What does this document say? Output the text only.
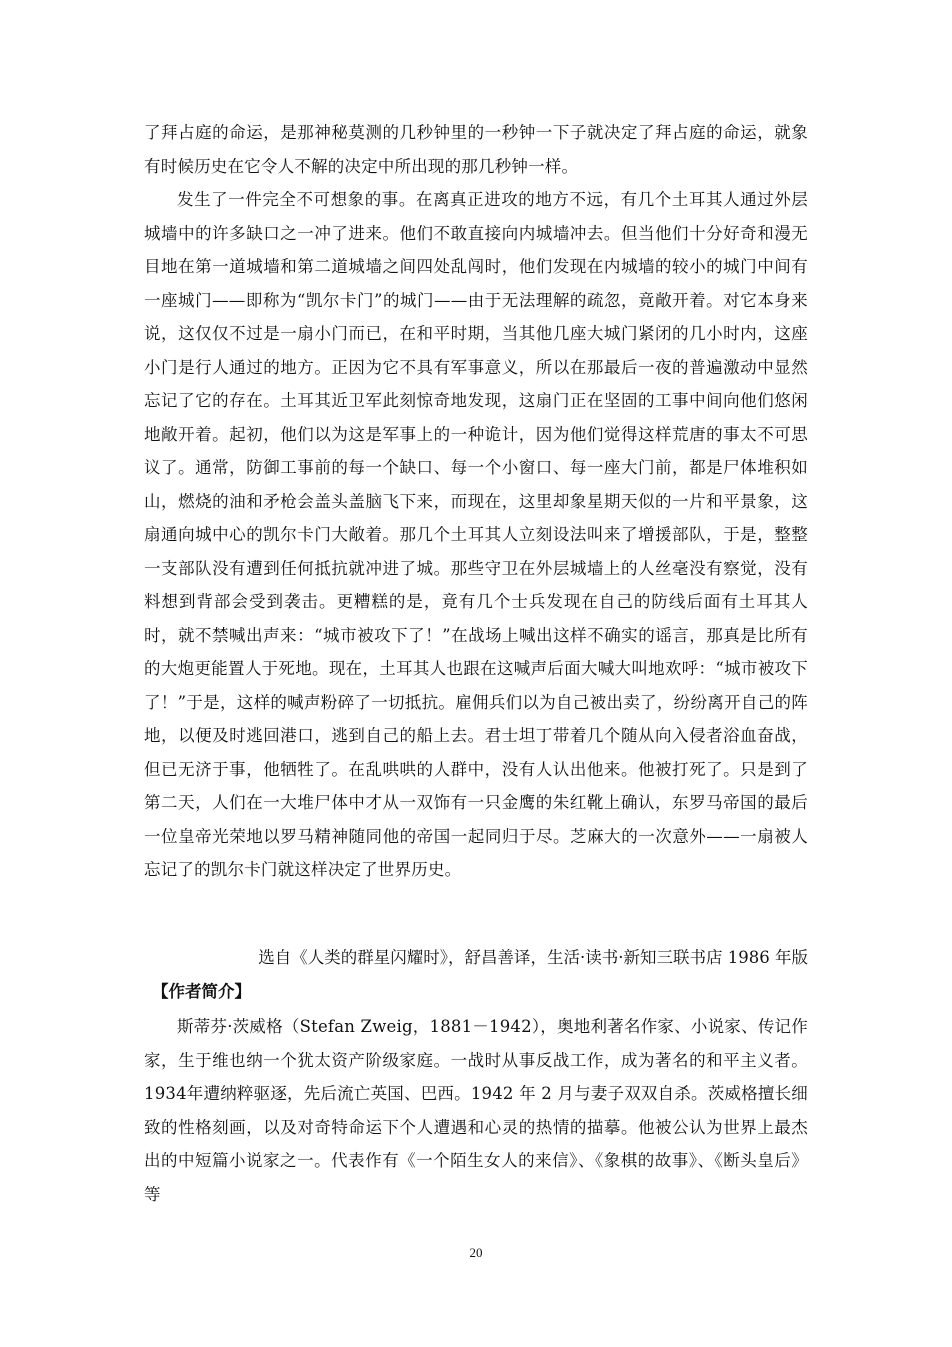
了拜占庭的命运，是那神秘莫测的几秒钟里的一秒钟一下子就决定了拜占庭的命运，就象有时候历史在它令人不解的决定中所出现的那几秒钟一样。

发生了一件完全不可想象的事。在离真正进攻的地方不远，有几个土耳其人通过外层城墙中的许多缺口之一冲了进来。他们不敢直接向内城墙冲去。但当他们十分好奇和漫无目地在第一道城墙和第二道城墙之间四处乱闯时，他们发现在内城墙的较小的城门中间有一座城门——即称为“凯尔卡门”的城门——由于无法理解的疏忽，竟敞开着。对它本身来说，这仅仅不过是一扇小门而已，在和平时期，当其他几座大城门紧闭的几小时内，这座小门是行人通过的地方。正因为它不具有军事意义，所以在那最后一夜的普遍激动中显然忘记了它的存在。土耳其近卫军此刻惊奇地发现，这扇门正在坚固的工事中间向他们悠闲地敞开着。起初，他们以为这是军事上的一种诡计，因为他们觉得这样荒唐的事太不可思议了。通常，防御工事前的每一个缺口、每一个小窗口、每一座大门前，都是尸体堆积如山，燃烧的油和矛枪会盖头盖脑飞下来，而现在，这里却象星期天似的一片和平景象，这扇通向城中心的凯尔卡门大敞着。那几个土耳其人立刻设法叫来了增援部队，于是，整整一支部队没有遭到任何抵抗就冲进了城。那些守卫在外层城墙上的人丝毫没有察觉，没有料想到背部会受到袭击。更糟糕的是，竟有几个士兵发现在自己的防线后面有土耳其人时，就不禁喊出声来：“城市被攻下了！”在战场上喊出这样不确实的谣言，那真是比所有的大炮更能置人于死地。现在，土耳其人也跟在这喊声后面大喊大叫地欢呼：“城市被攻下了！”于是，这样的喊声粉碎了一切抵抗。雇佣兵们以为自己被出卖了，纷纷离开自己的阵地，以便及时逃回港口，逃到自己的船上去。君士坦丁带着几个随从向入侵者浴血奋战，但已无济于事，他牺牲了。在乱哄哄的人群中，没有人认出他来。他被打死了。只是到了第二天，人们在一大堆尸体中才从一双饰有一只金鹰的朱红靴上确认，东罗马帝国的最后一位皇帝光荣地以罗马精神随同他的帝国一起同归于尽。芝麻大的一次意外——一扇被人忘记了的凯尔卡门就这样决定了世界历史。

选自《人类的群星闪耀时》，舒昌善译，生活·读书·新知三联书店 1986 年版
【作者简介】

斯蒂芬·茨威格（Stefan Zweig，1881－1942），奥地利著名作家、小说家、传记作家，生于维也纳一个犹太资产阶级家庭。一战时从事反战工作，成为著名的和平主义者。1934年遭纳粹驱逐，先后流亡英国、巴西。1942 年 2 月与妻子双双自杀。茨威格擅长细致的性格刻画，以及对奇特命运下个人遭遇和心灵的热情的描摹。他被公认为世界上最杰出的中短篇小说家之一。代表作有《一个陌生女人的来信》、《象棋的故事》、《断头皇后》等

20
